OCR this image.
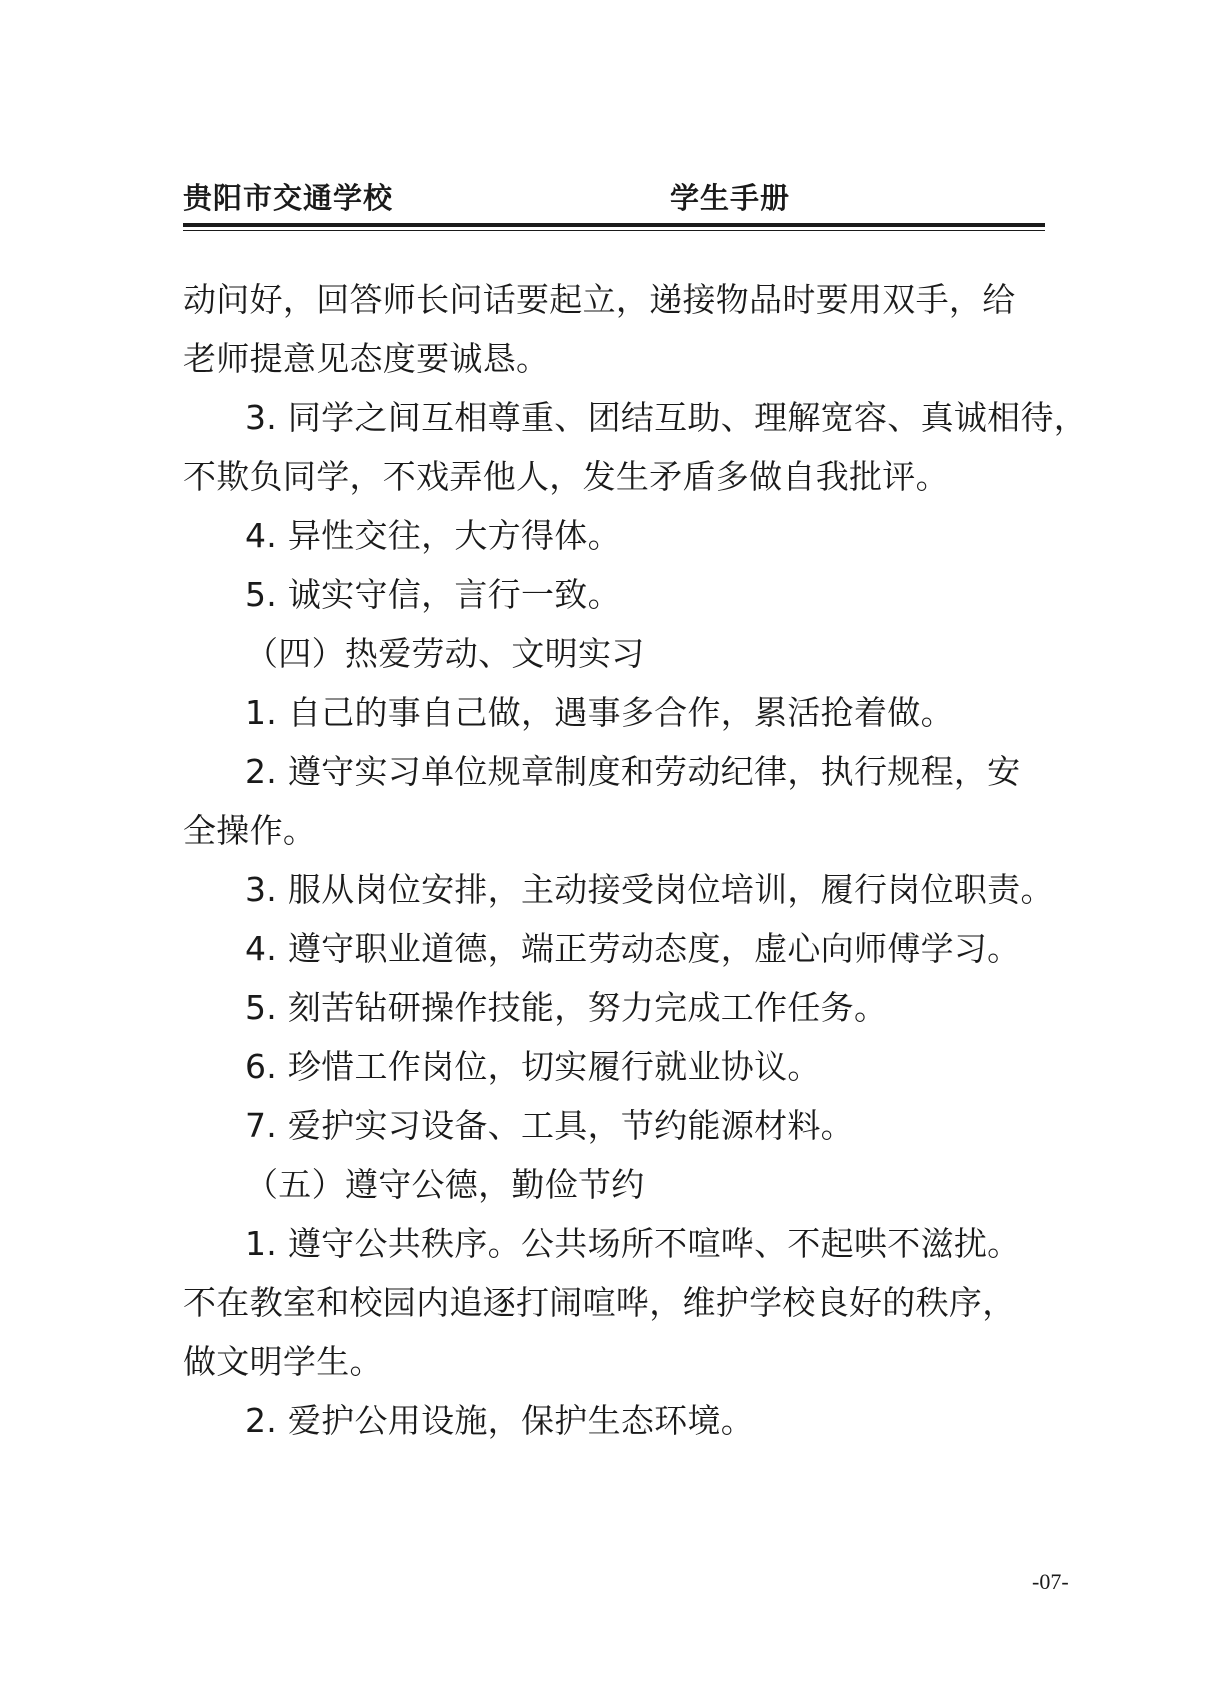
贵阳市交通学校	学生手册
动问好，回答师长问话要起立，递接物品时要用双手，给
老师提意见态度要诚恳。
3. 同学之间互相尊重、团结互助、理解宽容、真诚相待，
不欺负同学，不戏弄他人，发生矛盾多做自我批评。
4. 异性交往，大方得体。
5. 诚实守信，言行一致。
（四）热爱劳动、文明实习
1. 自己的事自己做，遇事多合作，累活抢着做。
2. 遵守实习单位规章制度和劳动纪律，执行规程，安
全操作。
3. 服从岗位安排，主动接受岗位培训，履行岗位职责。
4. 遵守职业道德，端正劳动态度，虚心向师傅学习。
5. 刻苦钻研操作技能，努力完成工作任务。
6. 珍惜工作岗位，切实履行就业协议。
7. 爱护实习设备、工具，节约能源材料。
（五）遵守公德，勤俭节约
1. 遵守公共秩序。公共场所不喧哗、不起哄不滋扰。
不在教室和校园内追逐打闹喧哗，维护学校良好的秩序，
做文明学生。
2. 爱护公用设施，保护生态环境。
-07-
